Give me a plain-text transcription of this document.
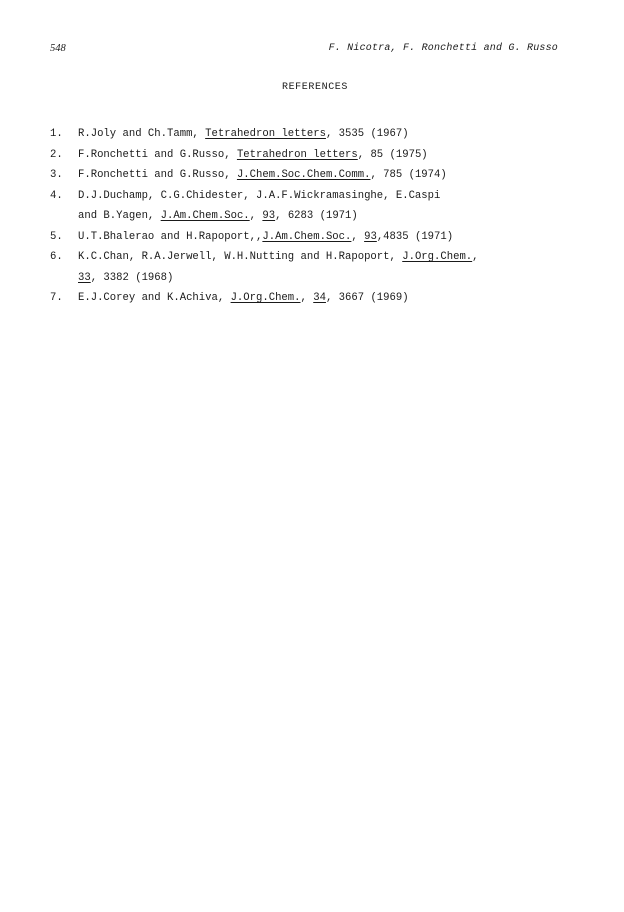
548	F. Nicotra, F. Ronchetti and G. Russo
REFERENCES
1. R.Joly and Ch.Tamm, Tetrahedron letters, 3535 (1967)
2. F.Ronchetti and G.Russo, Tetrahedron letters, 85 (1975)
3. F.Ronchetti and G.Russo, J.Chem.Soc.Chem.Comm., 785 (1974)
4. D.J.Duchamp, C.G.Chidester, J.A.F.Wickramasinghe, E.Caspi
and B.Yagen, J.Am.Chem.Soc., 93, 6283 (1971)
5. U.T.Bhalerao and H.Rapoport,,J.Am.Chem.Soc., 93,4835 (1971)
6. K.C.Chan, R.A.Jerwell, W.H.Nutting and H.Rapoport, J.Org.Chem.,
33, 3382 (1968)
7. E.J.Corey and K.Achiva, J.Org.Chem., 34, 3667 (1969)
